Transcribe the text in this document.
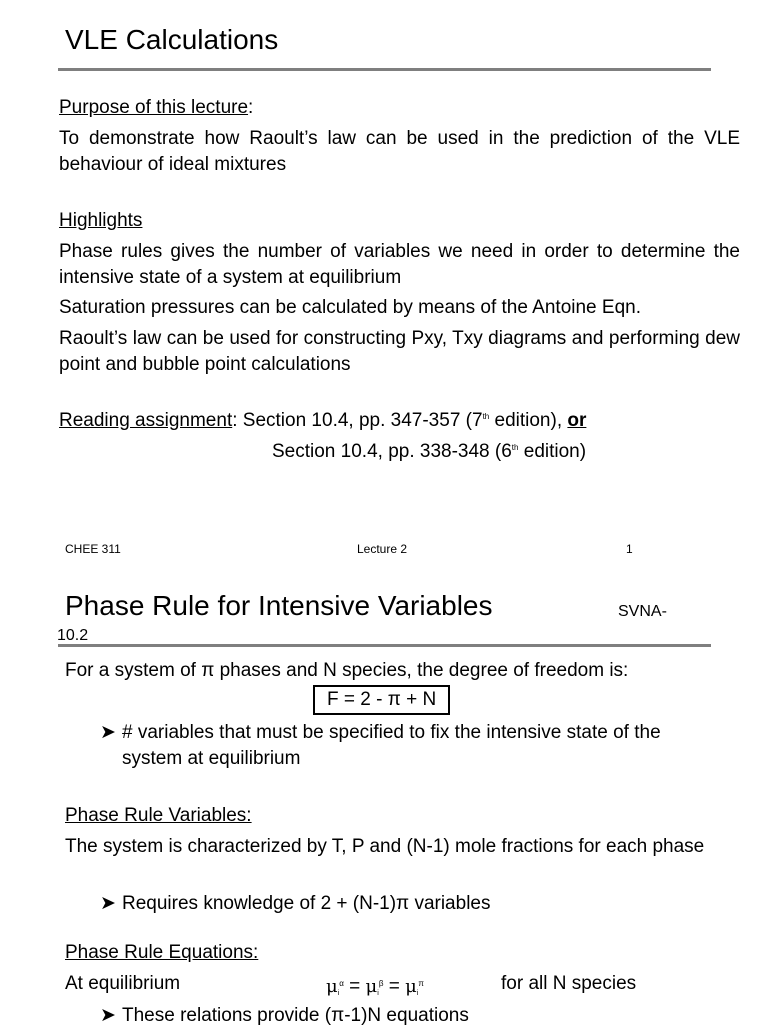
VLE Calculations
Purpose of this lecture:
To demonstrate how Raoult’s law can be used in the prediction of the VLE behaviour of ideal mixtures
Highlights
Phase rules gives the number of variables we need in order to determine the intensive state of a system at equilibrium
Saturation pressures can be calculated by means of the Antoine Eqn.
Raoult’s law can be used for constructing Pxy, Txy diagrams and performing dew point and bubble point calculations
Reading assignment: Section 10.4, pp. 347-357 (7th edition), or
Section 10.4, pp. 338-348 (6th edition)
CHEE 311	Lecture 2	1
Phase Rule for Intensive Variables	SVNA-
10.2
For a system of π phases and N species, the degree of freedom is:
F = 2 - π + N
➤ # variables that must be specified to fix the intensive state of the system at equilibrium
Phase Rule Variables:
The system is characterized by T, P and (N-1) mole fractions for each phase
➤ Requires knowledge of 2 + (N-1)π variables
Phase Rule Equations:
At equilibrium	$\mu i^\alpha = \mu i^\beta = \mu i^\pi$	for all N species
➤ These relations provide (π-1)N equations
